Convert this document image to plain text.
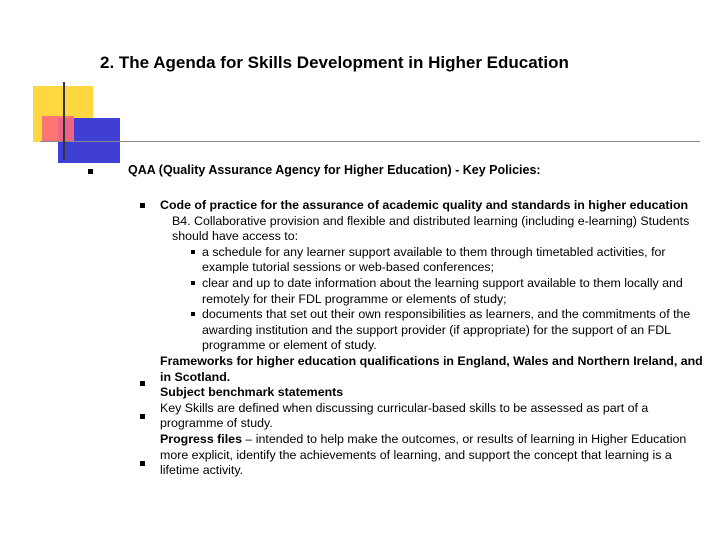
2. The Agenda for Skills Development in Higher Education
QAA (Quality Assurance Agency for Higher Education) - Key Policies:

Code of practice for the assurance of academic quality and standards in higher education

B4. Collaborative provision and flexible and distributed learning (including e-learning) Students should have access to:

a schedule for any learner support available to them through timetabled activities, for example tutorial sessions or web-based conferences;

clear and up to date information about the learning support available to them locally and remotely for their FDL programme or elements of study;

documents that set out their own responsibilities as learners, and the commitments of the awarding institution and the support provider (if appropriate) for the support of an FDL programme or element of study.

Frameworks for higher education qualifications in England, Wales and Northern Ireland, and in Scotland.

Subject benchmark statements

Key Skills are defined when discussing curricular-based skills to be assessed as part of a programme of study.

Progress files – intended to help make the outcomes, or results of learning in Higher Education more explicit, identify the achievements of learning, and support the concept that learning is a lifetime activity.
